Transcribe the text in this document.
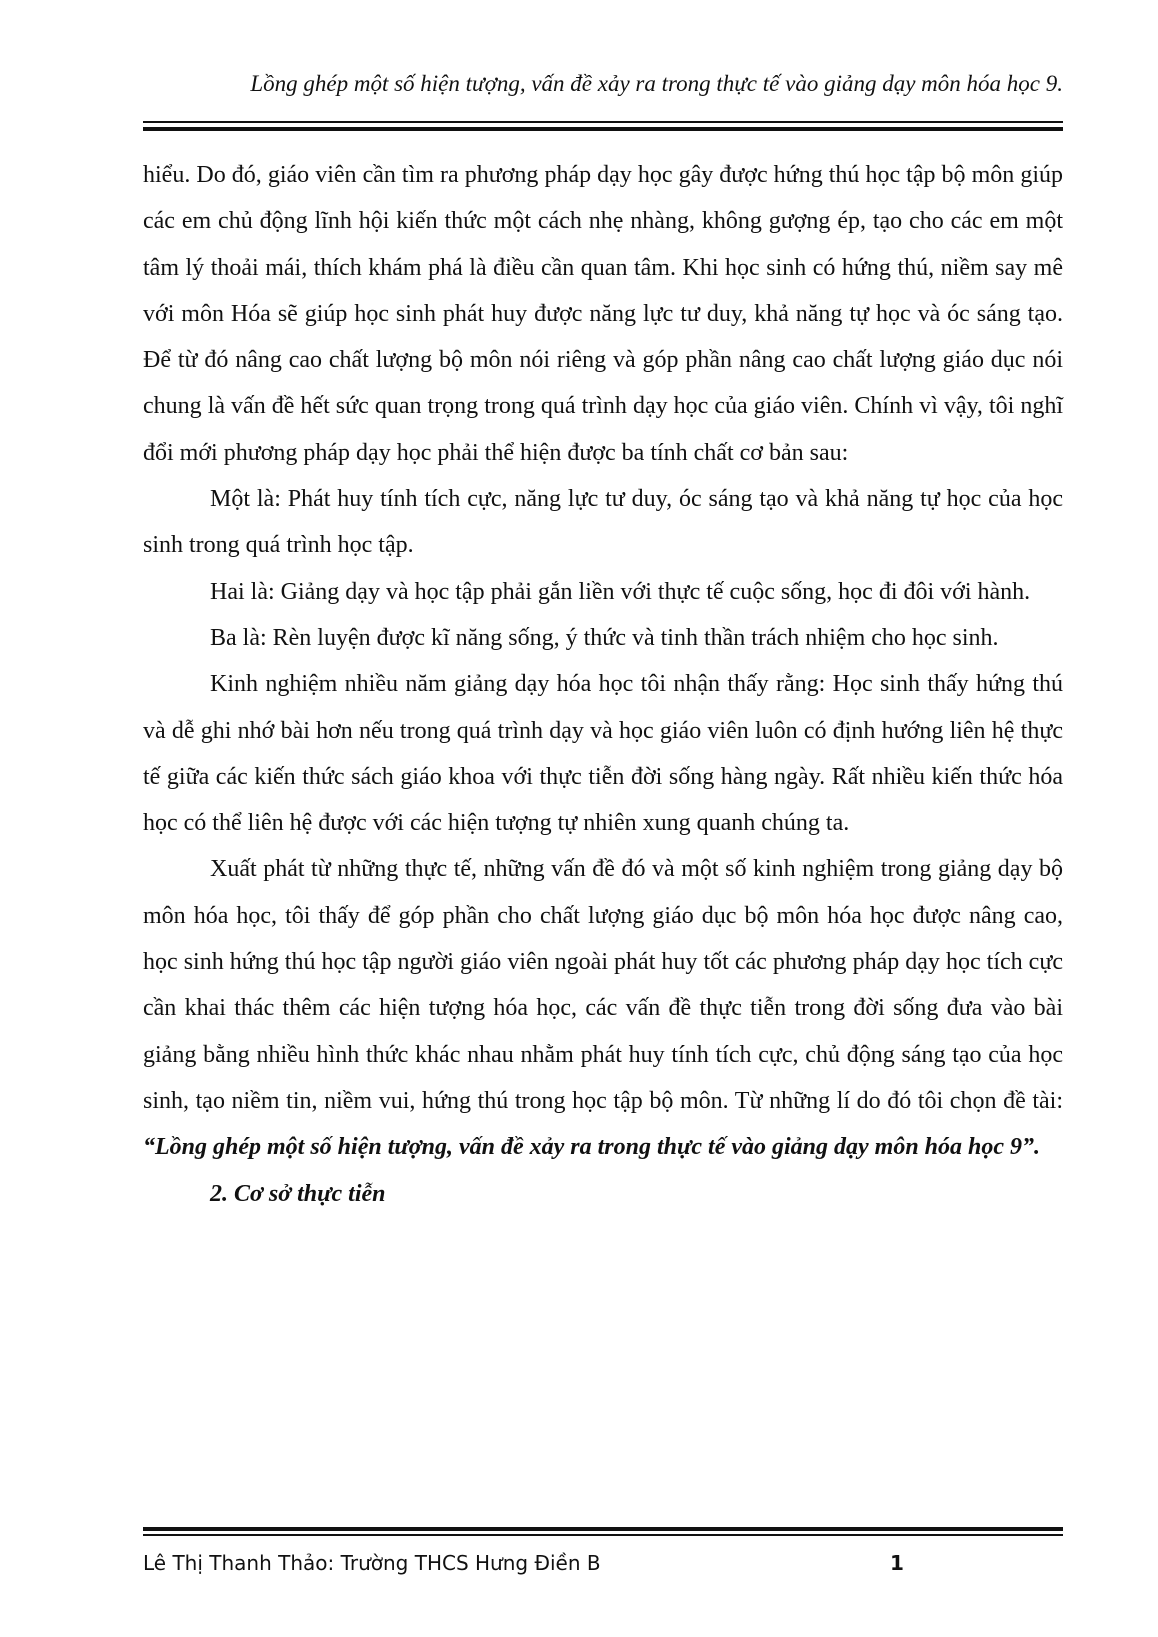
Lồng ghép một số hiện tượng, vấn đề xảy ra trong thực tế vào giảng dạy môn hóa học 9.

hiểu. Do đó, giáo viên cần tìm ra phương pháp dạy học gây được hứng thú học tập bộ môn giúp các em chủ động lĩnh hội kiến thức một cách nhẹ nhàng, không gượng ép, tạo cho các em một tâm lý thoải mái, thích khám phá là điều cần quan tâm. Khi học sinh có hứng thú, niềm say mê với môn Hóa sẽ giúp học sinh phát huy được năng lực tư duy, khả năng tự học và óc sáng tạo. Để từ đó nâng cao chất lượng bộ môn nói riêng và góp phần nâng cao chất lượng giáo dục nói chung là vấn đề hết sức quan trọng trong quá trình dạy học của giáo viên. Chính vì vậy, tôi nghĩ đổi mới phương pháp dạy học phải thể hiện được ba tính chất cơ bản sau:

Một là: Phát huy tính tích cực, năng lực tư duy, óc sáng tạo và khả năng tự học của học sinh trong quá trình học tập.

Hai là: Giảng dạy và học tập phải gắn liền với thực tế cuộc sống, học đi đôi với hành.

Ba là: Rèn luyện được kĩ năng sống, ý thức và tinh thần trách nhiệm cho học sinh.

Kinh nghiệm nhiều năm giảng dạy hóa học tôi nhận thấy rằng: Học sinh thấy hứng thú và dễ ghi nhớ bài hơn nếu trong quá trình dạy và học giáo viên luôn có định hướng liên hệ thực tế giữa các kiến thức sách giáo khoa với thực tiễn đời sống hàng ngày. Rất nhiều kiến thức hóa học có thể liên hệ được với các hiện tượng tự nhiên xung quanh chúng ta.

Xuất phát từ những thực tế, những vấn đề đó và một số kinh nghiệm trong giảng dạy bộ môn hóa học, tôi thấy để góp phần cho chất lượng giáo dục bộ môn hóa học được nâng cao, học sinh hứng thú học tập người giáo viên ngoài phát huy tốt các phương pháp dạy học tích cực cần khai thác thêm các hiện tượng hóa học, các vấn đề thực tiễn trong đời sống đưa vào bài giảng bằng nhiều hình thức khác nhau nhằm phát huy tính tích cực, chủ động sáng tạo của học sinh, tạo niềm tin, niềm vui, hứng thú trong học tập bộ môn. Từ những lí do đó tôi chọn đề tài: “Lồng ghép một số hiện tượng, vấn đề xảy ra trong thực tế vào giảng dạy môn hóa học 9”.

2. Cơ sở thực tiễn

Lê Thị Thanh Thảo: Trường THCS Hưng Điền B	1
